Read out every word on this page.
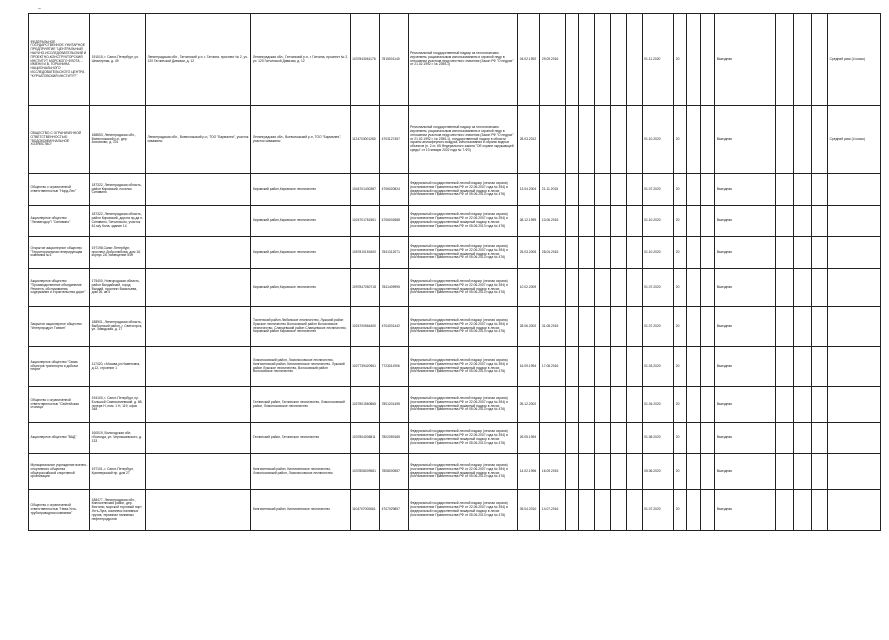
–
ФЕДЕРАЛЬНОЕ ГОСУДАРСТВЕННОЕ УНИТАРНОЕ ПРЕДПРИЯТИЕ "ЦЕНТРАЛЬНЫЙ НАУЧНО-ИССЛЕДОВАТЕЛЬСКИЙ И ПРОЕКТНО-КОНСТРУКТОРСКИЙ ИНСТИТУТ МОРСКОГО ФЛОТА ... ИМЕНИ И.В. ГОРЫНИНА НАЦИОНАЛЬНОГО ИССЛЕДОВАТЕЛЬСКОГО ЦЕНТРА "КУРЧАТОВСКИЙ ИНСТИТУТ"	191015, г. Санкт-Петербург, ул. Шпалерная, д. 49	Ленинградская обл., Гатчинский р-н, г. Гатчина, проспект № 2, уч. 120 Гатчинской Дивизии, д. 12	Ленинградская обл., Гатчинский р-н, г. Гатчина, проспект № 2, уч. 120 Гатчинской Дивизии, д. 12	1037843061176	7815001140	Региональный государственный надзор за геологическим изучением, рациональным использованием и охраной недр в отношении участков недр местного значения (Закон РФ "О недрах" от 21.02.1992 г. № 2395-1)	04.02.1992	29.09.2016						01.11.2020	20			Выездная				Средний риск (4 класс)
ОБЩЕСТВО С ОГРАНИЧЕННОЙ ОТВЕТСТВЕННОСТЬЮ "ВОДОКОММУНАЛЬНОЕ ХОЗЯЙСТВО"	188653, Ленинградская обл., Всеволожский р-н, дер. Агалатово, д. 101	Ленинградская обл., Всеволожский р-н, ТОО "Бармалеи", участок скважины	Ленинградская обл., Всеволожский р-н, ТОО "Бармалеи", участок скважины	1124703001280	4703127457	Региональный государственный надзор за геологическим изучением, рациональным использованием и охраной недр в отношении участков недр местного значения (Закон РФ "О недрах" от 21.02.1992 г. № 2395-1), государственный надзор в области охраны атмосферного воздуха, использования и охраны водных объектов (п. 2 ст. 65 Федерального закона "Об охране окружающей среды" от 10 января 2002 года № 7-ФЗ)	28.03.2012							01.10.2020	20			Выездная				Средний риск (4 класс)
Общество с ограниченной ответственностью "Норд-Лес"	187322, Ленинградская область, район Кировский, поселок Синявино		Кировский район,Кировское лесничество	1044701430387	4706020824	Федеральный государственный лесной надзор (лесная охрана) (постановление Правительства РФ от 22.06.2007 года № 394) и федеральный государственный пожарный надзор в лесах (постановление Правительства РФ от 05.06.2013 года № 476)	13.04.2004	21.11.2015						01.07.2020	20			Выездная				
Акционерное общество "Ленавтодор"/ "Синявино"	187322, Ленинградская область, район Кировский, дорога пр-да п. Синявино, Гатчинского, участок 61 м/у Кола, здание 14		Кировский район,Кировское лесничество	1024701761961	4706002688	Федеральный государственный лесной надзор (лесная охрана) (постановление Правительства РФ от 22.06.2007 года № 394) и федеральный государственный пожарный надзор в лесах (постановление Правительства РФ от 05.06.2013 года № 476)	08.12.1999	10.06.2016						01.10.2020	20			Выездная				
Открытое акционерное общество "Территориальная генерирующая компания №1"	197198,Санкт-Петербург, проспект Добролюбова, дом 16, корпус 2А, помещение 54Н		Кировский район,Кировское лесничество	1057810153400	7841312071	Федеральный государственный лесной надзор (лесная охрана) (постановление Правительства РФ от 22.06.2007 года № 394) и федеральный государственный пожарный надзор в лесах (постановление Правительства РФ от 05.06.2013 года № 476)	25.03.2005	28.04.2015						01.10.2020	20			Выездная				
Акционерное общество "Производственное объединение Ремонта, обслуживания, содержания и строительства дорог"	175400, Новгородская область, район Валдайский, город Валдай, проспект Васильева, дом 26, кв.5		Кировский район,Кировское лесничество	1097847050718	7841409995	Федеральный государственный лесной надзор (лесная охрана) (постановление Правительства РФ от 22.06.2007 года № 394) и федеральный государственный пожарный надзор в лесах (постановление Правительства РФ от 05.06.2013 года № 476)	10.02.2009							01.07.2020	20			Выездная				
Закрытое акционерное общество "Интерпродукт Тихвин"	188901, Ленинградская область, Выборгский район, г. Светогорск, ул. Заводская, д. 17		Тосненский район Любанское лесничество, Лужский район Лужское лесничество Волосовский район Волосовское лесничество, Сланцевский район Сланцевское лесничество, Кировский район Кировское лесничество	1024700564400	4704031442	Федеральный государственный лесной надзор (лесная охрана) (постановление Правительства РФ от 22.06.2007 года № 394) и федеральный государственный пожарный надзор в лесах (постановление Правительства РФ от 05.06.2013 года № 476)	28.06.2002	31.08.2015						01.07.2020	20			Выездная				
Акционерное общество "Связь объектов транспорта и добычи нефти"	117420, г.Москва,ул.Наметкина, д.12, строение 1		Ломоносовский район, Ломоносовское лесничество, Кингисеппский район, Кингисеппское лесничество, Лужский район Лужское лесничество, Волосовский район Волосовское лесничество	1027739420961	7723011906	Федеральный государственный лесной надзор (лесная охрана) (постановление Правительства РФ от 22.06.2007 года № 394) и федеральный государственный пожарный надзор в лесах (постановление Правительства РФ от 05.06.2013 года № 476)	16.09.1994	17.08.2016						01.03.2020	20			Выездная				
Общество с ограниченной ответственностью "Сюйтейская столица"	194100, г. Санкт-Петербург, пр. Большой Сампсониевский, д. 68, литера Н, пом. 1 Н, 119, офис 348		Гатчинский район, Гатчинское лесничество, Ломоносовский район, Ломоносовское лесничество	1027801560865	7801201495	Федеральный государственный лесной надзор (лесная охрана) (постановление Правительства РФ от 22.06.2007 года № 394) и федеральный государственный пожарный надзор в лесах (постановление Правительства РФ от 05.06.2013 года № 476)	05.12.2002							01.04.2020	20			Выездная				
Акционерное общество "ВАД"	160019, Вологодская обл, г.Вологда, ул. Чернышевского, д. 133		Гатчинский район, Гатчинское лесничество	1037804006811	7802059185	Федеральный государственный лесной надзор (лесная охрана) (постановление Правительства РФ от 22.06.2007 года № 394) и федеральный государственный пожарный надзор в лесах (постановление Правительства РФ от 05.06.2013 года № 476)	26.05.1994							01.08.2020	20			Выездная				
Муниципальное учреждение военно-спортивного общества общероссийской спортивной организации	197101, г. Санкт-Петербург, Кронверкский пр. дом 27		Кингисеппский район, Кингисеппское лесничество, Ломоносовский район, Ломоносовское лесничество	1037808009581	7808000557	Федеральный государственный лесной надзор (лесная охрана) (постановление Правительства РФ от 22.06.2007 года № 394) и федеральный государственный пожарный надзор в лесах (постановление Правительства РФ от 05.06.2013 года № 476)	14.02.1996	16.09.2015						05.06.2020	20			Выездная				
Общество с ограниченной ответственностью "Нева-Усть-трубопроводная компания"	188477, Ленинградская обл., Кингисеппский район, дер. Вистино, морской торговый порт Усть-Луга, комплекс наливных грузов, терминал наливных нефтепродуктов		Кингисеппский район, Кингисеппское лесничество	1104707000661	4707029857	Федеральный государственный лесной надзор (лесная охрана) (постановление Правительства РФ от 22.06.2007 года № 394) и федеральный государственный пожарный надзор в лесах (постановление Правительства РФ от 05.06.2013 года № 476)	05.04.2010	14.07.2016						01.07.2020	20			Выездная				
